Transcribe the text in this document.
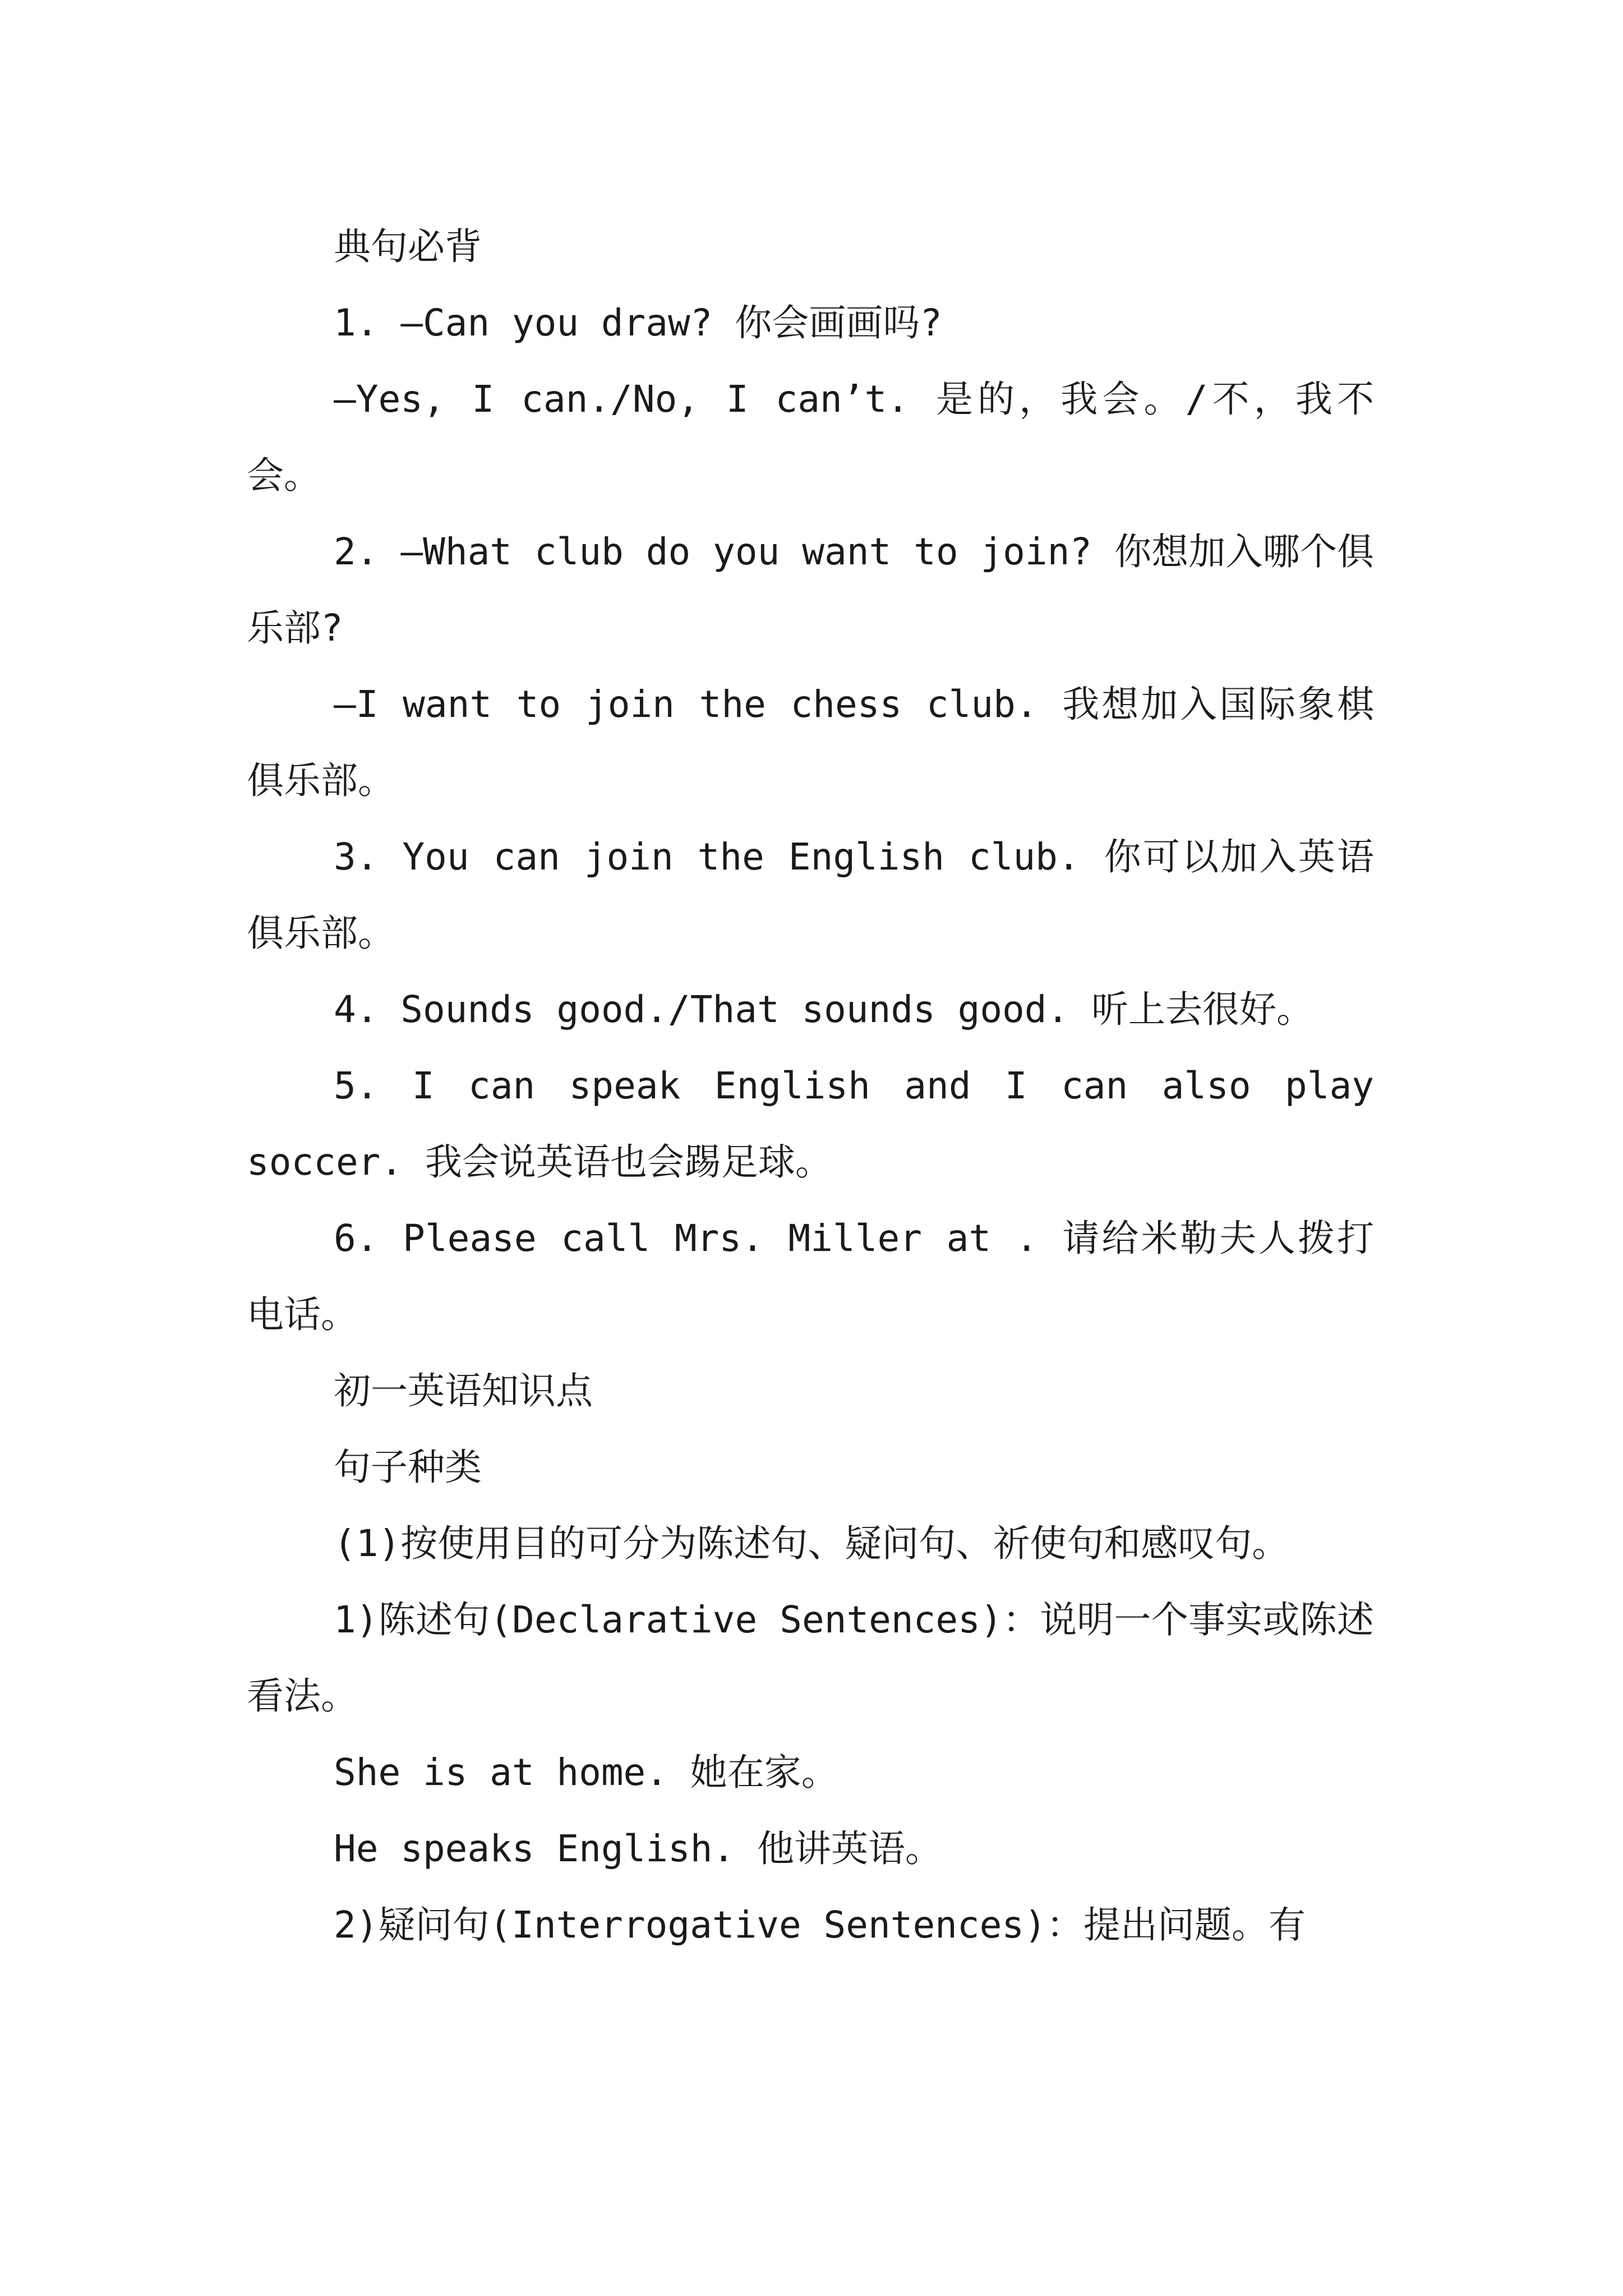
典句必背

1. —Can you draw? 你会画画吗?

—Yes, I can./No, I can’t. 是的，我会。/不，我不会。

2. —What club do you want to join? 你想加入哪个俱乐部?

—I want to join the chess club. 我想加入国际象棋俱乐部。

3. You can join the English club. 你可以加入英语俱乐部。

4. Sounds good./That sounds good. 听上去很好。

5. I can speak English and I can also play soccer. 我会说英语也会踢足球。

6. Please call Mrs. Miller at . 请给米勒夫人拨打电话。

初一英语知识点

句子种类

(1)按使用目的可分为陈述句、疑问句、祈使句和感叹句。

1)陈述句(Declarative Sentences)：说明一个事实或陈述看法。

She is at home. 她在家。

He speaks English. 他讲英语。

2)疑问句(Interrogative Sentences)：提出问题。有
